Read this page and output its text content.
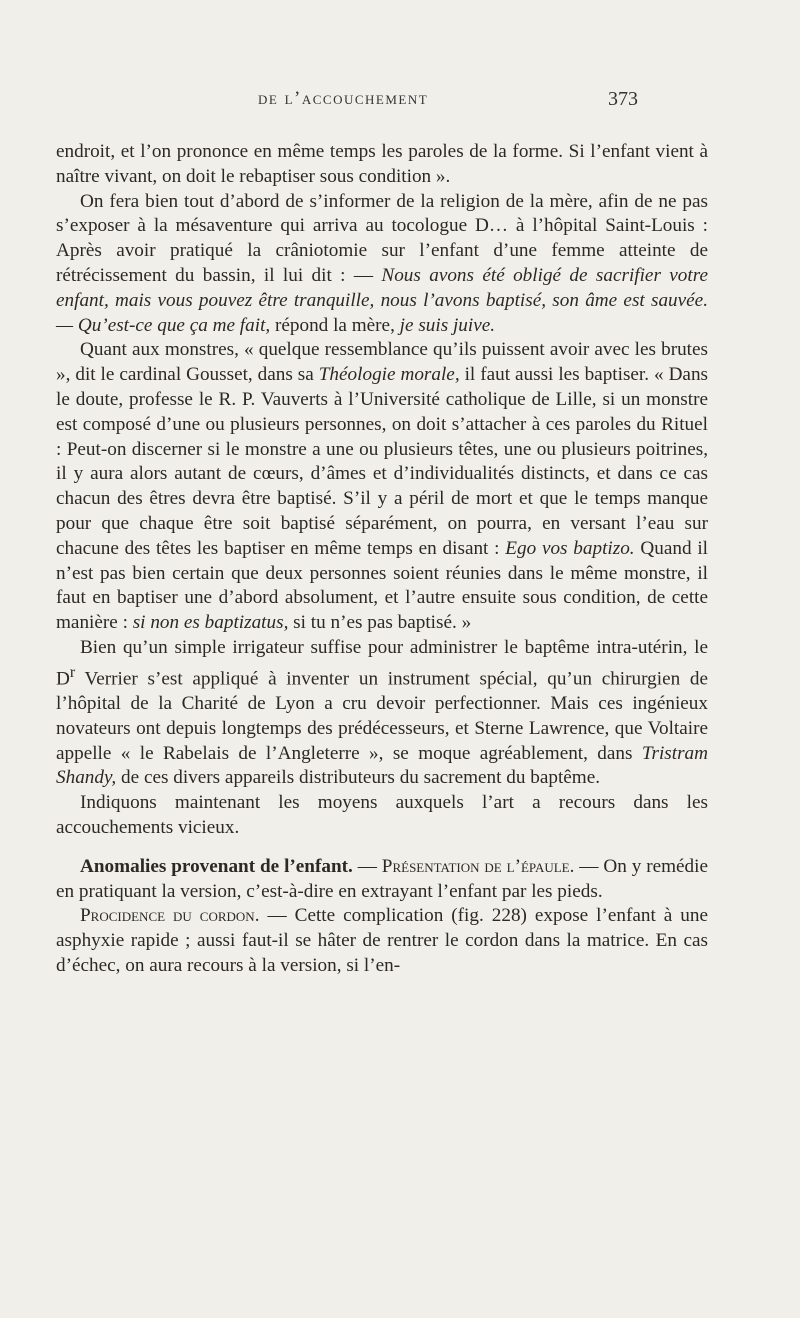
de l’accouchement	373

endroit, et l’on prononce en même temps les paroles de la forme. Si l’enfant vient à naître vivant, on doit le rebaptiser sous condition ».

On fera bien tout d’abord de s’informer de la religion de la mère, afin de ne pas s’exposer à la mésaventure qui arriva au tocologue D… à l’hôpital Saint-Louis : Après avoir pratiqué la crâniotomie sur l’enfant d’une femme atteinte de rétrécissement du bassin, il lui dit : — Nous avons été obligé de sacrifier votre enfant, mais vous pouvez être tranquille, nous l’avons baptisé, son âme est sauvée. — Qu’est-ce que ça me fait, répond la mère, je suis juive.

Quant aux monstres, « quelque ressemblance qu’ils puissent avoir avec les brutes », dit le cardinal Gousset, dans sa Théologie morale, il faut aussi les baptiser. « Dans le doute, professe le R. P. Vauverts à l’Université catholique de Lille, si un monstre est composé d’une ou plusieurs personnes, on doit s’attacher à ces paroles du Rituel : Peut-on discerner si le monstre a une ou plusieurs têtes, une ou plusieurs poitrines, il y aura alors autant de cœurs, d’âmes et d’individualités distincts, et dans ce cas chacun des êtres devra être baptisé. S’il y a péril de mort et que le temps manque pour que chaque être soit baptisé séparément, on pourra, en versant l’eau sur chacune des têtes les baptiser en même temps en disant : Ego vos baptizo. Quand il n’est pas bien certain que deux personnes soient réunies dans le même monstre, il faut en baptiser une d’abord absolument, et l’autre ensuite sous condition, de cette manière : si non es baptizatus, si tu n’es pas baptisé. »

Bien qu’un simple irrigateur suffise pour administrer le baptême intra-utérin, le $D^r$ Verrier s’est appliqué à inventer un instrument spécial, qu’un chirurgien de l’hôpital de la Charité de Lyon a cru devoir perfectionner. Mais ces ingénieux novateurs ont depuis longtemps des prédécesseurs, et Sterne Lawrence, que Voltaire appelle « le Rabelais de l’Angleterre », se moque agréablement, dans Tristram Shandy, de ces divers appareils distributeurs du sacrement du baptême.

Indiquons maintenant les moyens auxquels l’art a recours dans les accouchements vicieux.

Anomalies provenant de l’enfant. — Présentation de l’épaule. — On y remédie en pratiquant la version, c’est-à-dire en extrayant l’enfant par les pieds.

Procidence du cordon. — Cette complication (fig. 228) expose l’enfant à une asphyxie rapide ; aussi faut-il se hâter de rentrer le cordon dans la matrice. En cas d’échec, on aura recours à la version, si l’en-
